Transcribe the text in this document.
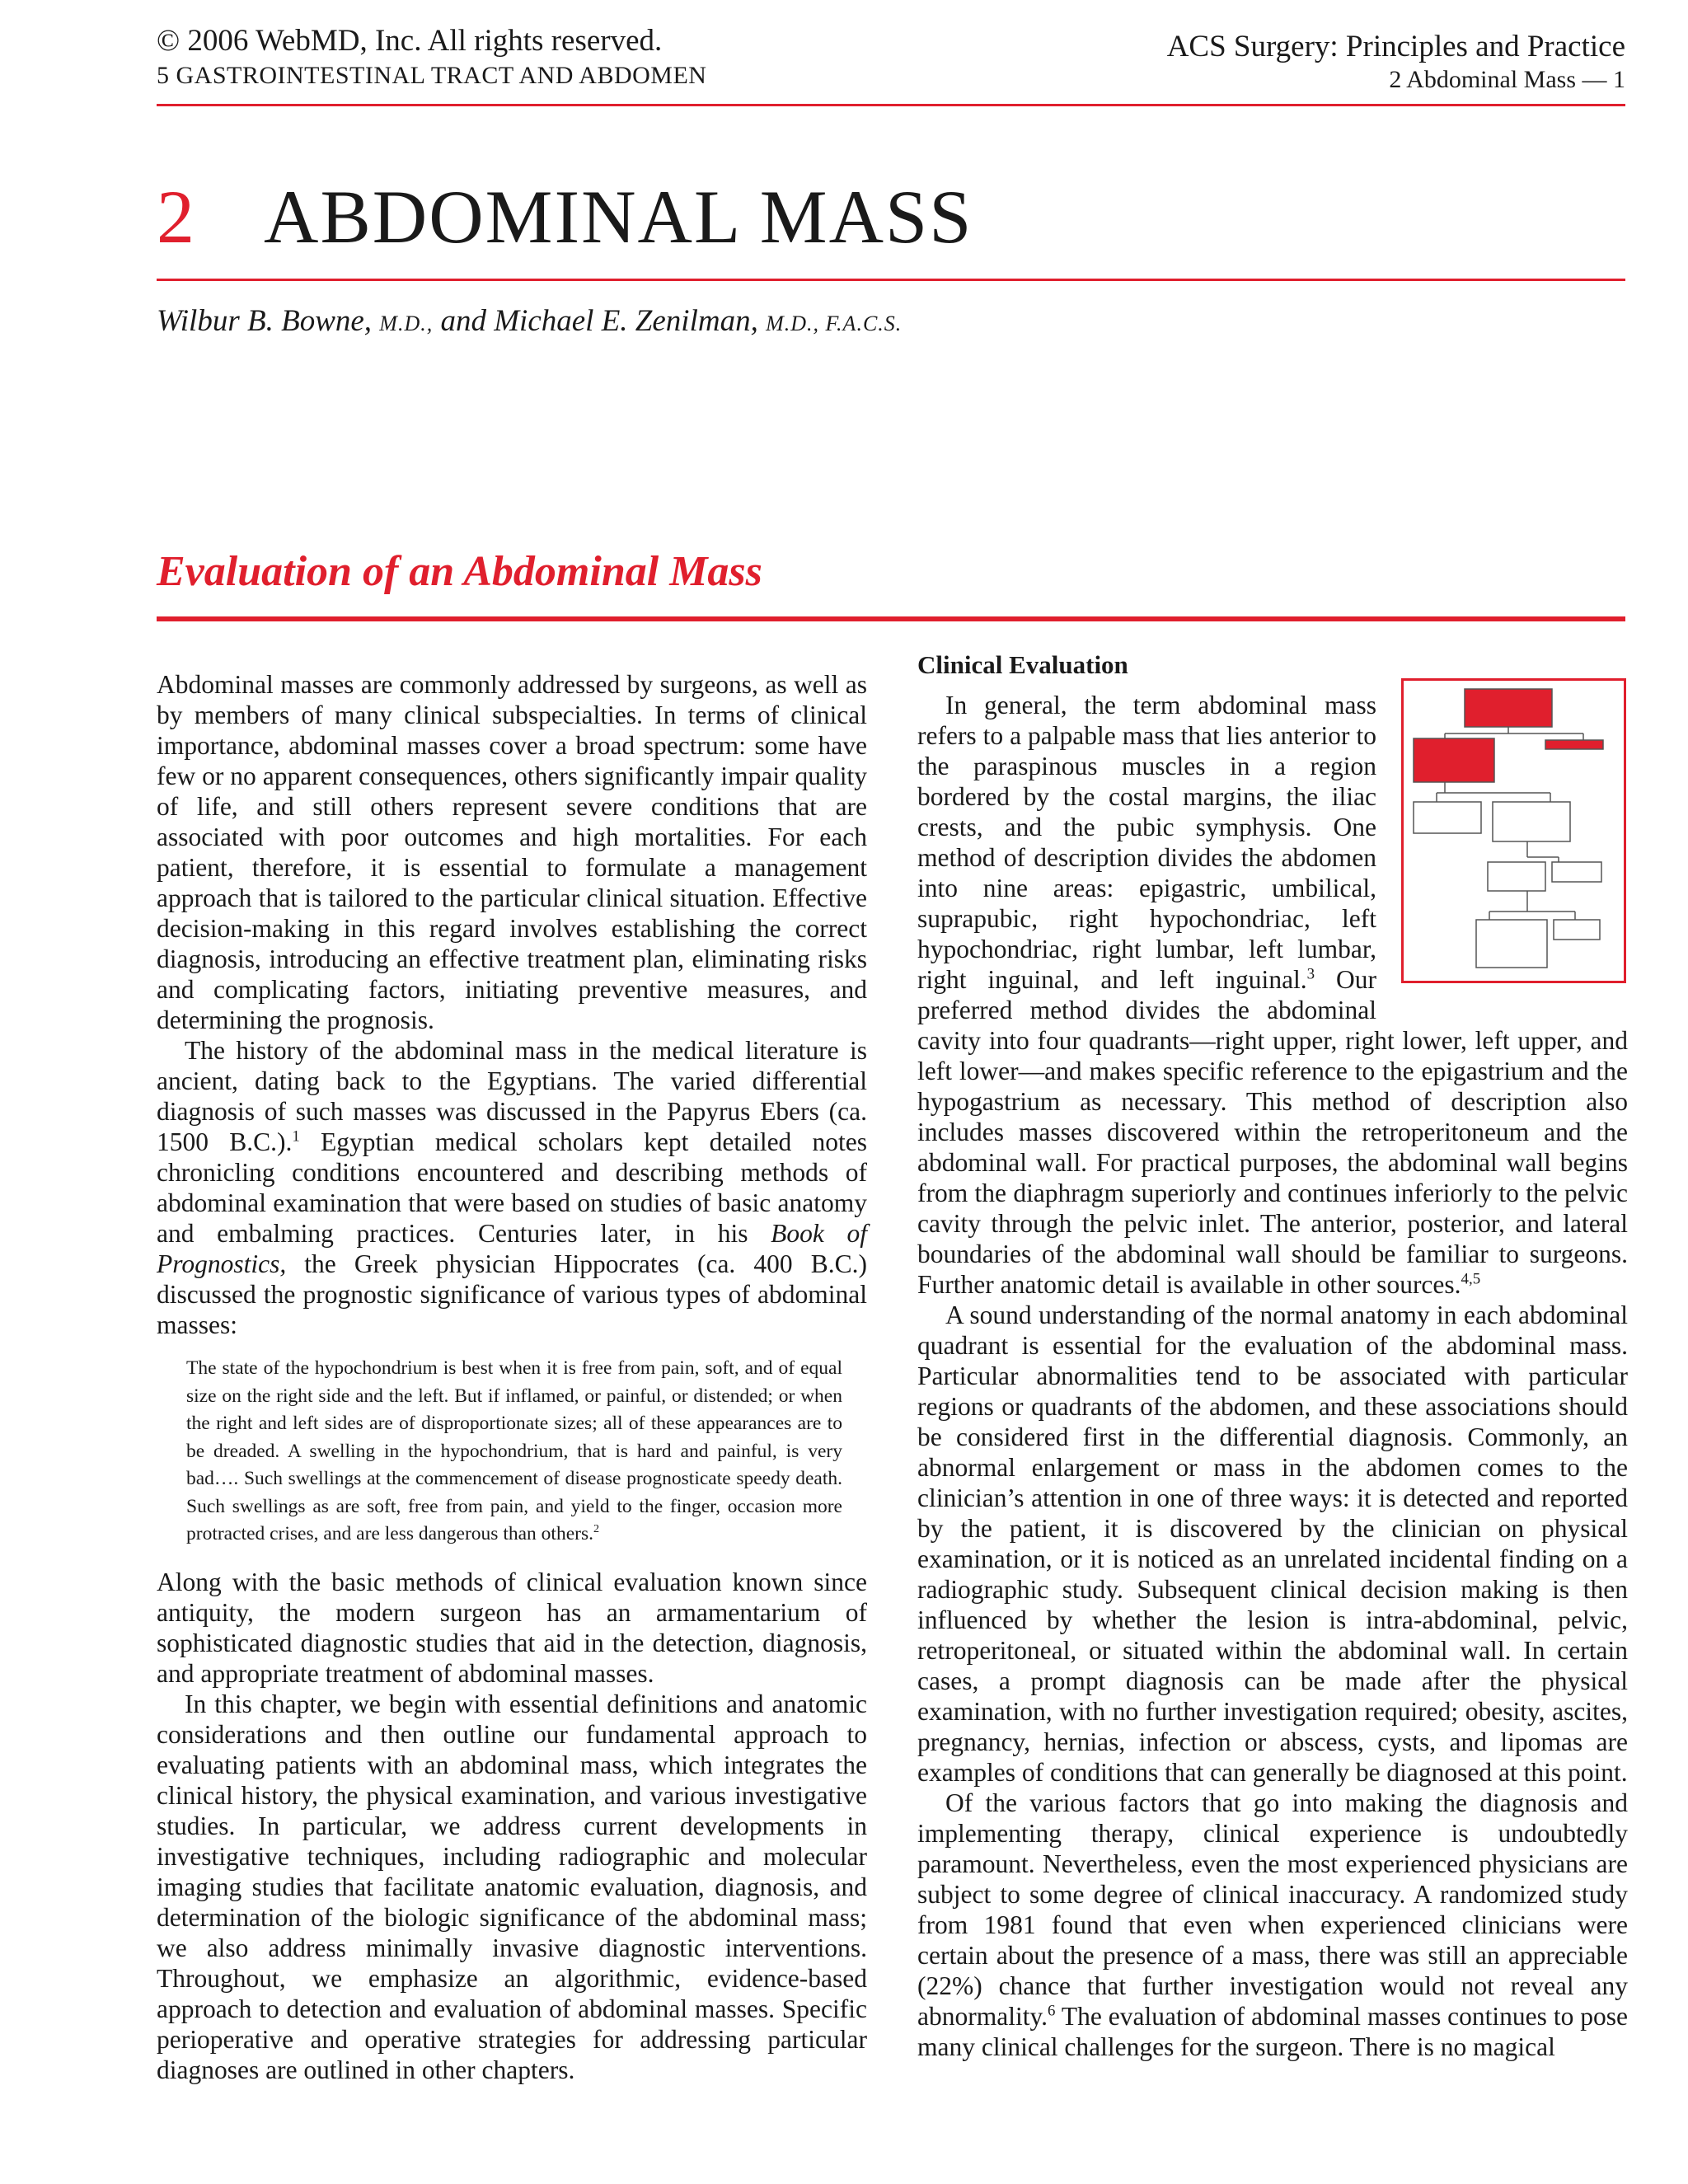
© 2006 WebMD, Inc. All rights reserved.
5 GASTROINTESTINAL TRACT AND ABDOMEN
ACS Surgery: Principles and Practice
2 Abdominal Mass — 1
2 ABDOMINAL MASS
Wilbur B. Bowne, M.D., and Michael E. Zenilman, M.D., F.A.C.S.
Evaluation of an Abdominal Mass

Abdominal masses are commonly addressed by surgeons, as well as by members of many clinical subspecialties. In terms of clinical importance, abdominal masses cover a broad spectrum: some have few or no apparent consequences, others significantly impair quality of life, and still others represent severe conditions that are associated with poor outcomes and high mortalities. For each patient, therefore, it is essential to formulate a management approach that is tailored to the particular clinical situation. Effective decision-making in this regard involves establishing the correct diagnosis, introducing an effective treatment plan, eliminating risks and complicating factors, initiating preventive measures, and determining the prognosis.

The history of the abdominal mass in the medical literature is ancient, dating back to the Egyptians. The varied differential diagnosis of such masses was discussed in the Papyrus Ebers (ca. 1500 B.C.).$^1$ Egyptian medical scholars kept detailed notes chronicling conditions encountered and describing methods of abdominal examination that were based on studies of basic anatomy and embalming practices. Centuries later, in his Book of Prognostics, the Greek physician Hippocrates (ca. 400 B.C.) discussed the prognostic significance of various types of abdominal masses:

The state of the hypochondrium is best when it is free from pain, soft, and of equal size on the right side and the left. But if inflamed, or painful, or distended; or when the right and left sides are of disproportionate sizes; all of these appearances are to be dreaded. A swelling in the hypochondrium, that is hard and painful, is very bad…. Such swellings at the commencement of disease prognosticate speedy death. Such swellings as are soft, free from pain, and yield to the finger, occasion more protracted crises, and are less dangerous than others.$^2$

Along with the basic methods of clinical evaluation known since antiquity, the modern surgeon has an armamentarium of sophisticated diagnostic studies that aid in the detection, diagnosis, and appropriate treatment of abdominal masses.

In this chapter, we begin with essential definitions and anatomic considerations and then outline our fundamental approach to evaluating patients with an abdominal mass, which integrates the clinical history, the physical examination, and various investigative studies. In particular, we address current developments in investigative techniques, including radiographic and molecular imaging studies that facilitate anatomic evaluation, diagnosis, and determination of the biologic significance of the abdominal mass; we also address minimally invasive diagnostic interventions. Throughout, we emphasize an algorithmic, evidence-based approach to detection and evaluation of abdominal masses. Specific perioperative and operative strategies for addressing particular diagnoses are outlined in other chapters.

Clinical Evaluation

In general, the term abdominal mass refers to a palpable mass that lies anterior to the paraspinous muscles in a region bordered by the costal margins, the iliac crests, and the pubic symphysis. One method of description divides the abdomen into nine areas: epigastric, umbilical, suprapubic, right hypochondriac, left hypochondriac, right lumbar, left lumbar, right inguinal, and left inguinal.$^3$ Our preferred method divides the abdominal cavity into four quadrants—right upper, right lower, left upper, and left lower—and makes specific reference to the epigastrium and the hypogastrium as necessary. This method of description also includes masses discovered within the retroperitoneum and the abdominal wall. For practical purposes, the abdominal wall begins from the diaphragm superiorly and continues inferiorly to the pelvic cavity through the pelvic inlet. The anterior, posterior, and lateral boundaries of the abdominal wall should be familiar to surgeons. Further anatomic detail is available in other sources.$^{4,5}$

A sound understanding of the normal anatomy in each abdominal quadrant is essential for the evaluation of the abdominal mass. Particular abnormalities tend to be associated with particular regions or quadrants of the abdomen, and these associations should be considered first in the differential diagnosis. Commonly, an abnormal enlargement or mass in the abdomen comes to the clinician’s attention in one of three ways: it is detected and reported by the patient, it is discovered by the clinician on physical examination, or it is noticed as an unrelated incidental finding on a radiographic study. Subsequent clinical decision making is then influenced by whether the lesion is intra-abdominal, pelvic, retroperitoneal, or situated within the abdominal wall. In certain cases, a prompt diagnosis can be made after the physical examination, with no further investigation required; obesity, ascites, pregnancy, hernias, infection or abscess, cysts, and lipomas are examples of conditions that can generally be diagnosed at this point.

Of the various factors that go into making the diagnosis and implementing therapy, clinical experience is undoubtedly paramount. Nevertheless, even the most experienced physicians are subject to some degree of clinical inaccuracy. A randomized study from 1981 found that even when experienced clinicians were certain about the presence of a mass, there was still an appreciable (22%) chance that further investigation would not reveal any abnormality.$^6$ The evaluation of abdominal masses continues to pose many clinical challenges for the surgeon. There is no magical
